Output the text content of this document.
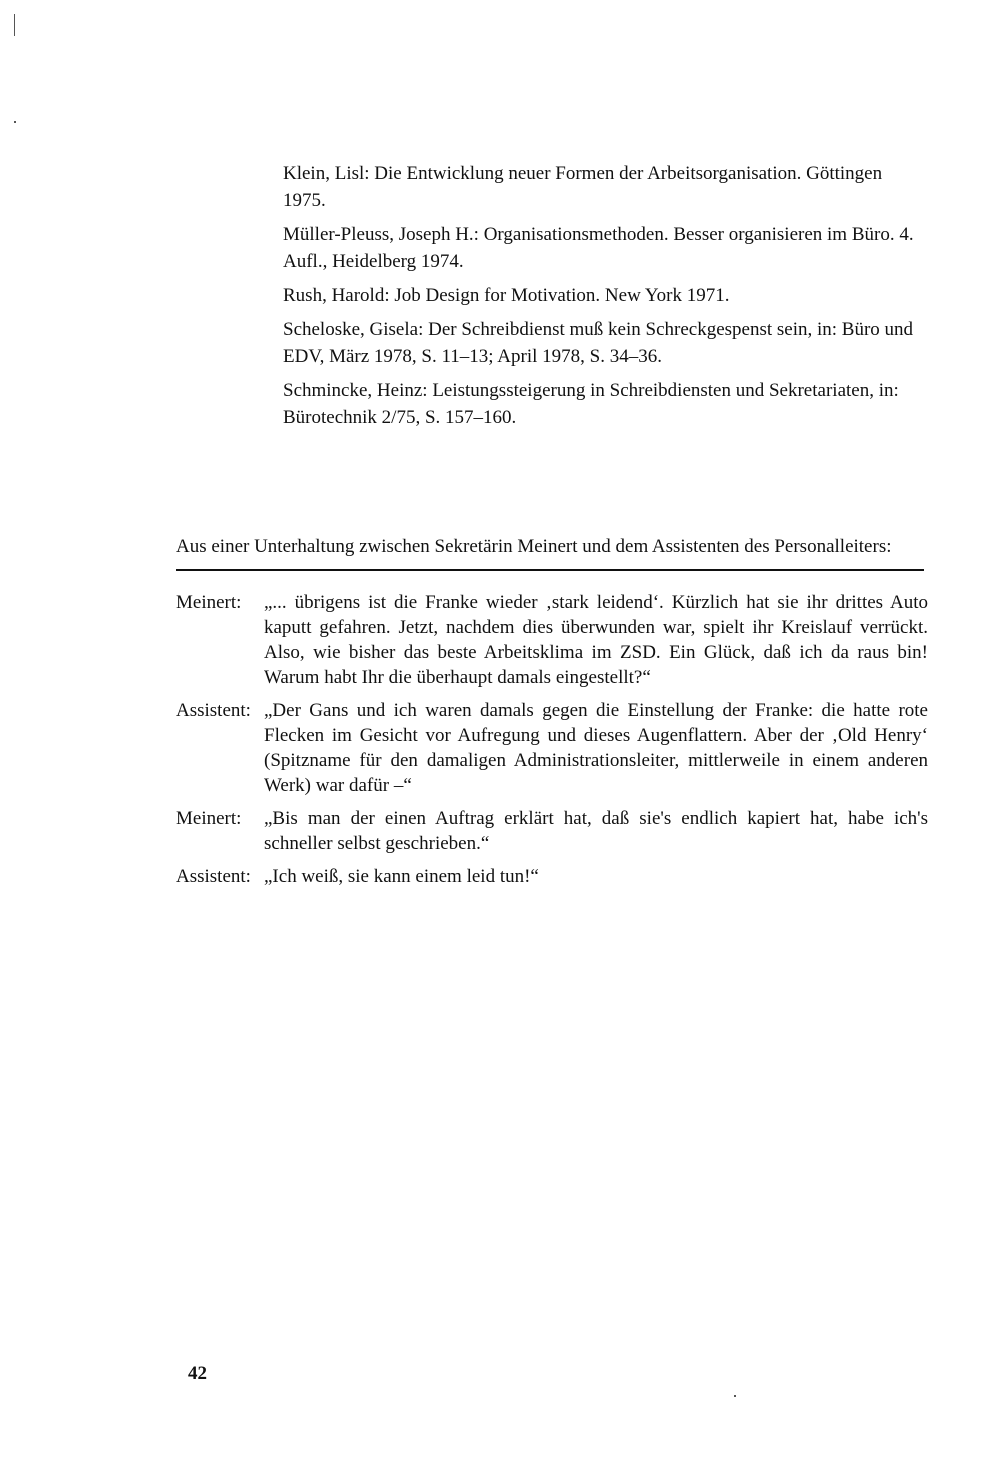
Klein, Lisl: Die Entwicklung neuer Formen der Arbeitsorganisation. Göttingen 1975.

Müller-Pleuss, Joseph H.: Organisationsmethoden. Besser organisieren im Büro. 4. Aufl., Heidelberg 1974.

Rush, Harold: Job Design for Motivation. New York 1971.

Scheloske, Gisela: Der Schreibdienst muß kein Schreckgespenst sein, in: Büro und EDV, März 1978, S. 11–13; April 1978, S. 34–36.

Schmincke, Heinz: Leistungssteigerung in Schreibdiensten und Sekretariaten, in: Bürotechnik 2/75, S. 157–160.

Aus einer Unterhaltung zwischen Sekretärin Meinert und dem Assistenten des Personalleiters:

Meinert:	„... übrigens ist die Franke wieder ‚stark leidend‘. Kürzlich hat sie ihr drittes Auto kaputt gefahren. Jetzt, nachdem dies überwunden war, spielt ihr Kreislauf verrückt. Also, wie bisher das beste Arbeitsklima im ZSD. Ein Glück, daß ich da raus bin! Warum habt Ihr die überhaupt damals eingestellt?“
Assistent: „Der Gans und ich waren damals gegen die Einstellung der Franke: die hatte rote Flecken im Gesicht vor Aufregung und dieses Augenflattern. Aber der ‚Old Henry‘ (Spitzname für den damaligen Administrationsleiter, mittlerweile in einem anderen Werk) war dafür –“
Meinert:	„Bis man der einen Auftrag erklärt hat, daß sie's endlich kapiert hat, habe ich's schneller selbst geschrieben.“
Assistent: „Ich weiß, sie kann einem leid tun!“
42
